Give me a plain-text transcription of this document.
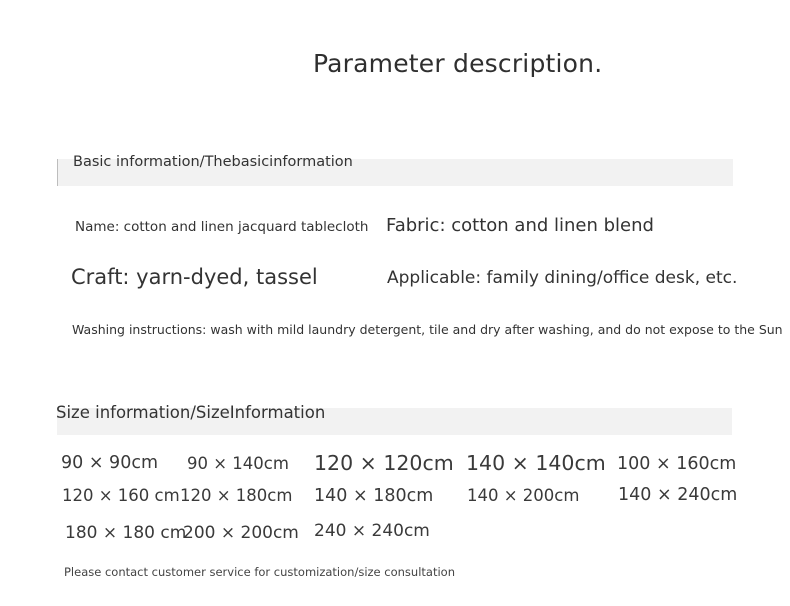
Parameter description.
Basic information/Thebasicinformation
Name: cotton and linen jacquard tablecloth Fabric: cotton and linen blend
Craft: yarn-dyed, tassel	Applicable: family dining/office desk, etc.
Washing instructions: wash with mild laundry detergent, tile and dry after washing, and do not expose to the Sun
Size information/SizeInformation
90 × 90cm 90 × 140cm 120 × 120cm 140 × 140cm 100 × 160cm
120 × 160 cm 120 × 180cm 140 × 180cm 140 × 200cm 140 × 240cm
180 × 180 cm
200 × 200cm 240 × 240cm
Please contact customer service for customization/size consultation
